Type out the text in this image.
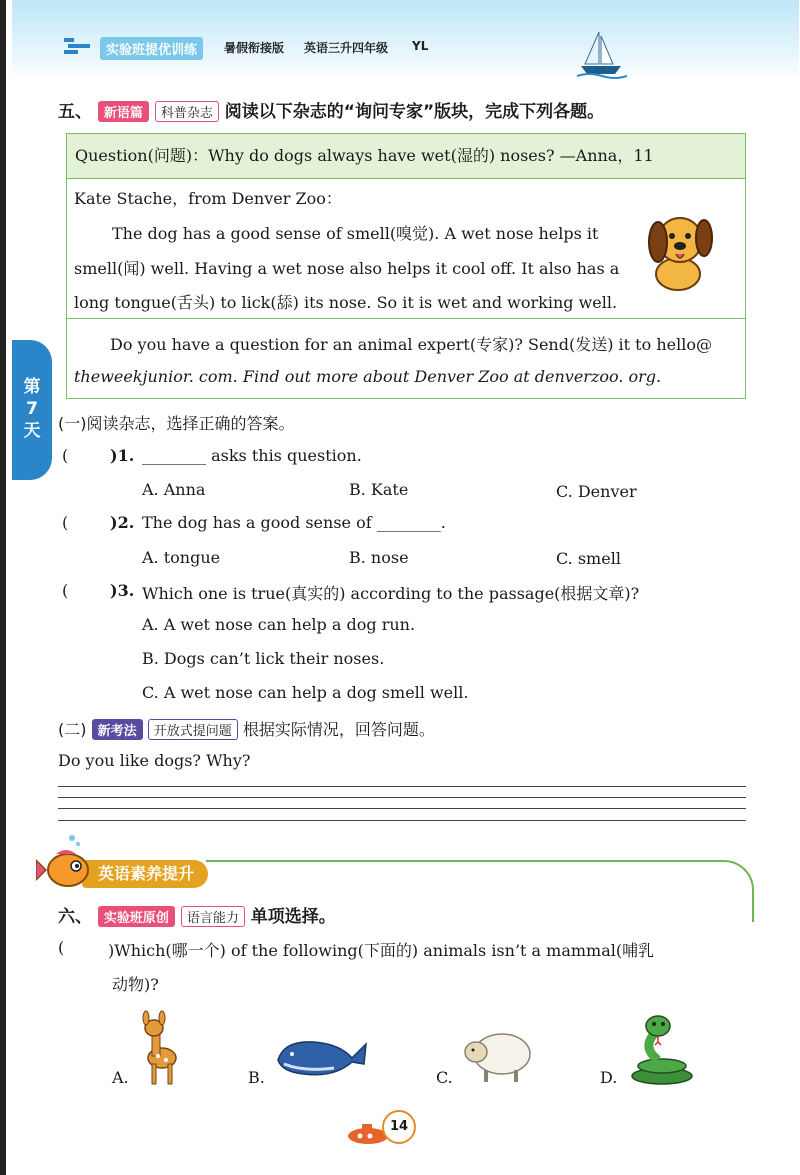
实验班提优训练	暑假衔接版 英语三升四年级 YL
第
7
天
五、 新语篇 科普杂志 阅读以下杂志的“询问专家”版块，完成下列各题。
Question(问题)：Why do dogs always have wet(湿的) noses? —Anna，11
Kate Stache，from Denver Zoo：
The dog has a good sense of smell(嗅觉). A wet nose helps it
smell(闻) well. Having a wet nose also helps it cool off. It also has a
long tongue(舌头) to lick(舔) its nose. So it is wet and working well.
Do you have a question for an animal expert(专家)? Send(发送) it to hello@
theweekjunior. com. Find out more about Denver Zoo at denverzoo. org.
(一)阅读杂志，选择正确的答案。
(	)1. ________ asks this question.
A. Anna	B. Kate	C. Denver
(	)2. The dog has a good sense of ________.
A. tongue	B. nose	C. smell
(	)3. Which one is true(真实的) according to the passage(根据文章)?
A. A wet nose can help a dog run.
B. Dogs can’t lick their noses.
C. A wet nose can help a dog smell well.
(二) 新考法 开放式提问题 根据实际情况，回答问题。
Do you like dogs? Why?
英语素养提升
六、 实验班原创 语言能力 单项选择。
(	)Which(哪一个) of the following(下面的) animals isn’t a mammal(哺乳
动物)?
A.	B.	C.	D.
14
